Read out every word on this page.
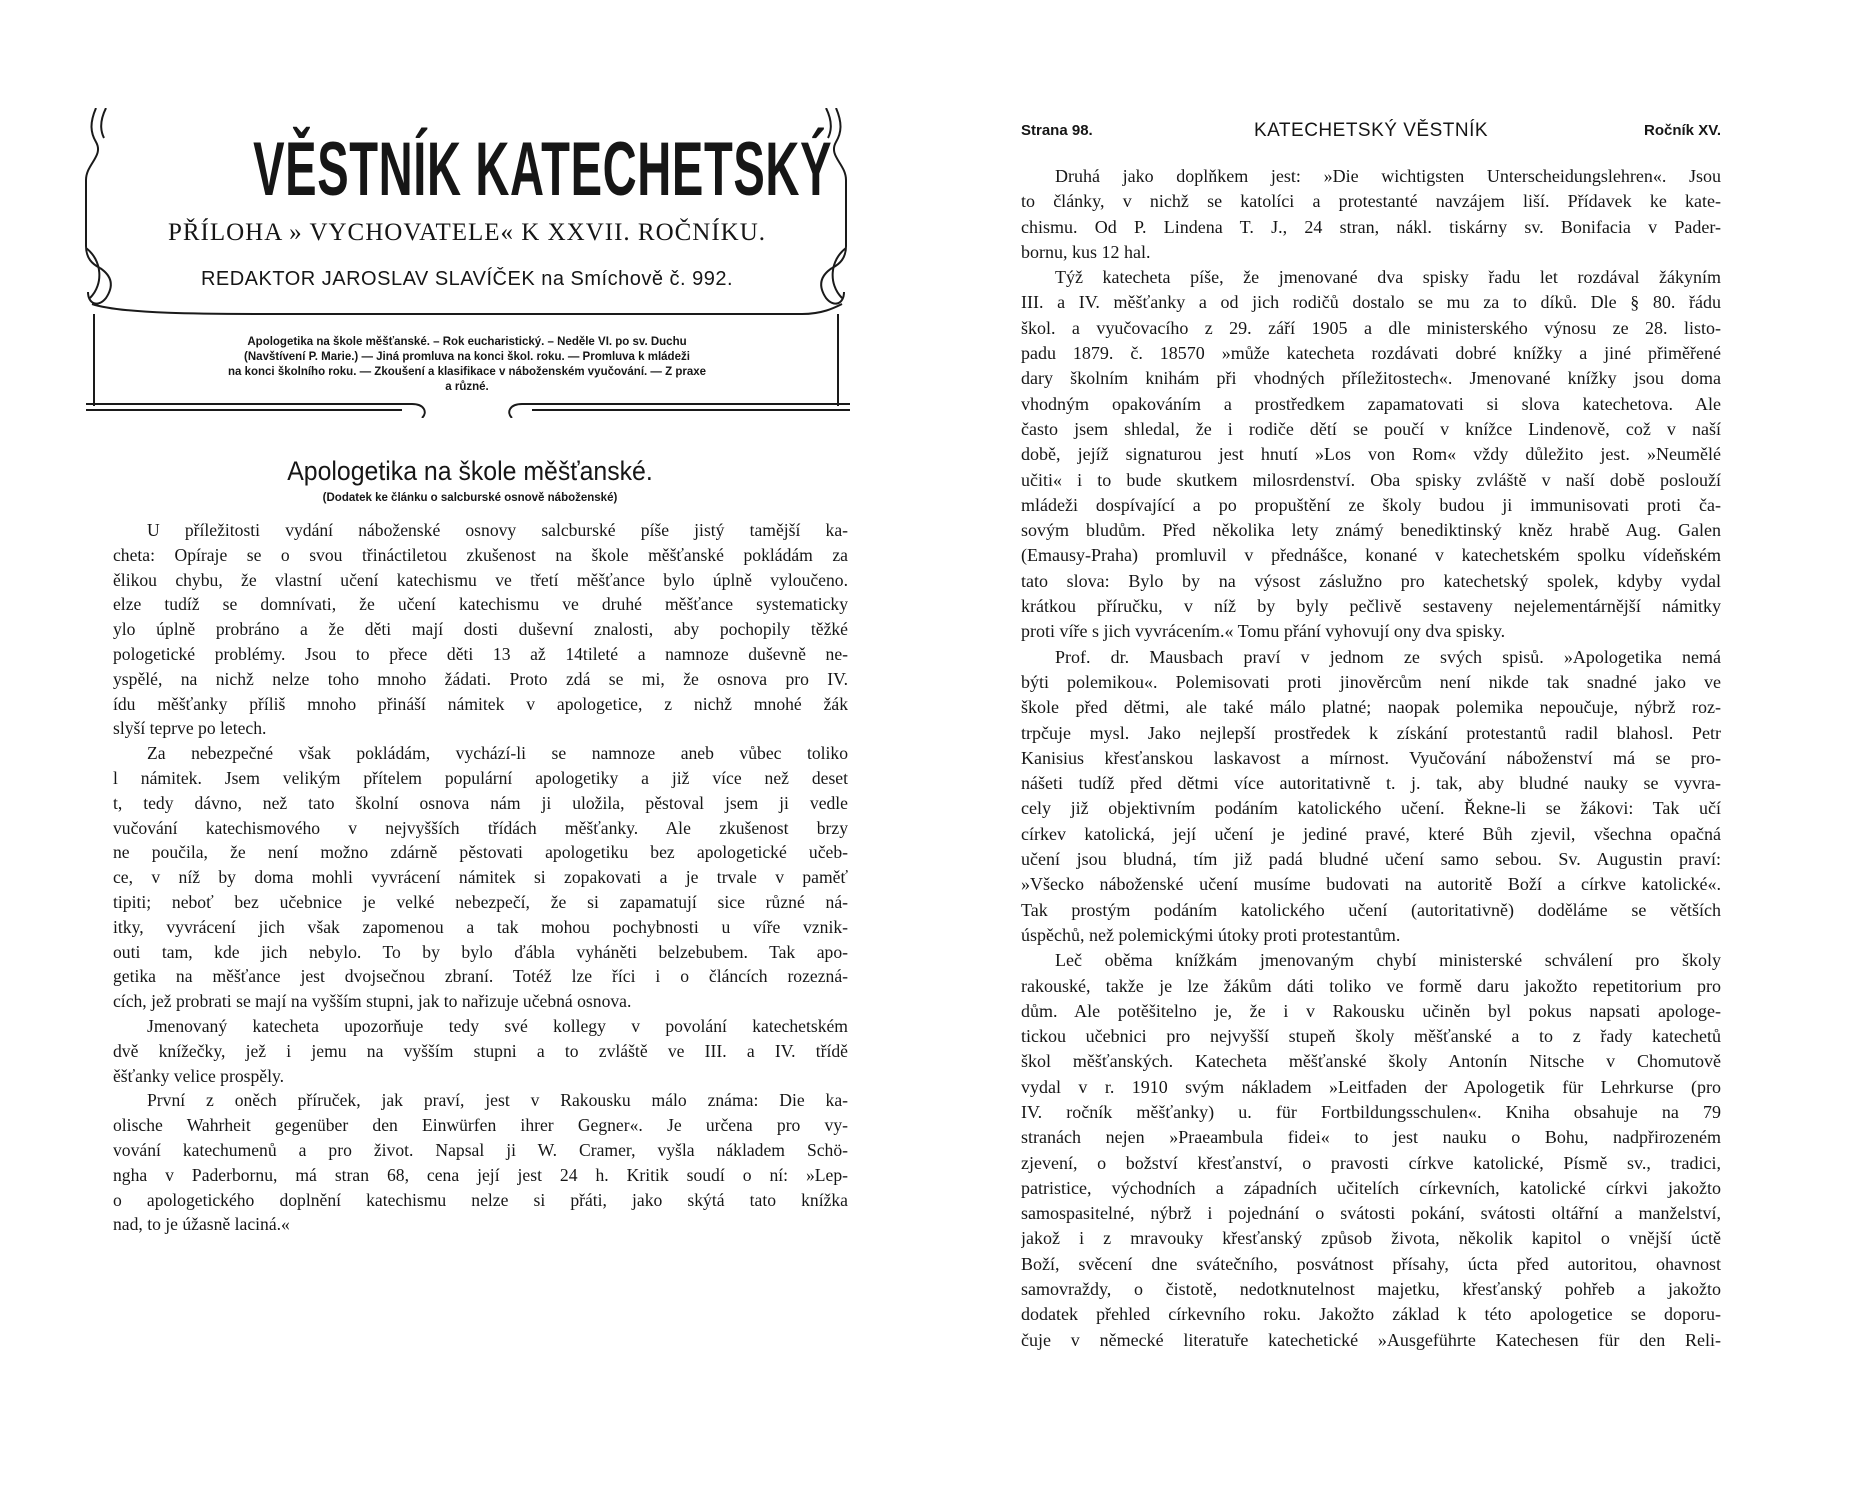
VĚSTNÍK KATECHETSKÝ
PŘÍLOHA » VYCHOVATELE« K XXVII. ROČNÍKU.
REDAKTOR JAROSLAV SLAVÍČEK na Smíchově č. 992.
Apologetika na škole měšťanské. – Rok eucharistický. – Neděle VI. po sv. Duchu
(Navštívení P. Marie.) — Jiná promluva na konci škol. roku. — Promluva k mládeži
na konci školního roku. — Zkoušení a klasifikace v náboženském vyučování. — Z praxe
a různé.
Apologetika na škole měšťanské.
(Dodatek ke článku o salcburské osnově náboženské)
U příležitosti vydání náboženské osnovy salcburské píše jistý tamější ka-
cheta: Opíraje se o svou třináctiletou zkušenost na škole měšťanské pokládám za
ělikou chybu, že vlastní učení katechismu ve třetí měšťance bylo úplně vyloučeno.
elze tudíž se domnívati, že učení katechismu ve druhé měšťance systematicky
ylo úplně probráno a že děti mají dosti duševní znalosti, aby pochopily těžké
pologetické problémy. Jsou to přece děti 13 až 14tileté a namnoze duševně ne-
yspělé, na nichž nelze toho mnoho žádati. Proto zdá se mi, že osnova pro IV.
ídu měšťanky příliš mnoho přináší námitek v apologetice, z nichž mnohé žák
slyší teprve po letech.
Za nebezpečné však pokládám, vychází-li se namnoze aneb vůbec toliko
l námitek. Jsem velikým přítelem populární apologetiky a již více než deset
t, tedy dávno, než tato školní osnova nám ji uložila, pěstoval jsem ji vedle
vučování katechismového v nejvyšších třídách měšťanky. Ale zkušenost brzy
ne poučila, že není možno zdárně pěstovati apologetiku bez apologetické učeb-
ce, v níž by doma mohli vyvrácení námitek si zopakovati a je trvale v paměť
tipiti; neboť bez učebnice je velké nebezpečí, že si zapamatují sice různé ná-
itky, vyvrácení jich však zapomenou a tak mohou pochybnosti u víře vznik-
outi tam, kde jich nebylo. To by bylo ďábla vyháněti belzebubem. Tak apo-
getika na měšťance jest dvojsečnou zbraní. Totéž lze říci i o článcích rozezná-
cích, jež probrati se mají na vyšším stupni, jak to nařizuje učebná osnova.
Jmenovaný katecheta upozorňuje tedy své kollegy v povolání katechetském
dvě knížečky, jež i jemu na vyšším stupni a to zvláště ve III. a IV. třídě
ěšťanky velice prospěly.
První z oněch příruček, jak praví, jest v Rakousku málo známa: Die ka-
olische Wahrheit gegenüber den Einwürfen ihrer Gegner«. Je určena pro vy-
vování katechumenů a pro život. Napsal ji W. Cramer, vyšla nákladem Schö-
ngha v Paderbornu, má stran 68, cena její jest 24 h. Kritik soudí o ní: »Lep-
o apologetického doplnění katechismu nelze si přáti, jako skýtá tato knížka
nad, to je úžasně laciná.«
Strana 98.	KATECHETSKÝ VĚSTNÍK	Ročník XV.
Druhá jako doplňkem jest: »Die wichtigsten Unterscheidungslehren«. Jsou
to články, v nichž se katolíci a protestanté navzájem liší. Přídavek ke kate-
chismu. Od P. Lindena T. J., 24 stran, nákl. tiskárny sv. Bonifacia v Pader-
bornu, kus 12 hal.
Týž katecheta píše, že jmenované dva spisky řadu let rozdával žákyním
III. a IV. měšťanky a od jich rodičů dostalo se mu za to díků. Dle § 80. řádu
škol. a vyučovacího z 29. září 1905 a dle ministerského výnosu ze 28. listo-
padu 1879. č. 18570 »může katecheta rozdávati dobré knížky a jiné přiměřené
dary školním knihám při vhodných příležitostech«. Jmenované knížky jsou doma
vhodným opakováním a prostředkem zapamatovati si slova katechetova. Ale
často jsem shledal, že i rodiče dětí se poučí v knížce Lindenově, což v naší
době, jejíž signaturou jest hnutí »Los von Rom« vždy důležito jest. »Neumělé
učiti« i to bude skutkem milosrdenství. Oba spisky zvláště v naší době poslouží
mládeži dospívající a po propuštění ze školy budou ji immunisovati proti ča-
sovým bludům. Před několika lety známý benediktinský kněz hrabě Aug. Galen
(Emausy-Praha) promluvil v přednášce, konané v katechetském spolku vídeňském
tato slova: Bylo by na výsost záslužno pro katechetský spolek, kdyby vydal
krátkou příručku, v níž by byly pečlivě sestaveny nejelementárnější námitky
proti víře s jich vyvrácením.« Tomu přání vyhovují ony dva spisky.
Prof. dr. Mausbach praví v jednom ze svých spisů. »Apologetika nemá
býti polemikou«. Polemisovati proti jinověrcům není nikde tak snadné jako ve
škole před dětmi, ale také málo platné; naopak polemika nepoučuje, nýbrž roz-
trpčuje mysl. Jako nejlepší prostředek k získání protestantů radil blahosl. Petr
Kanisius křesťanskou laskavost a mírnost. Vyučování náboženství má se pro-
nášeti tudíž před dětmi více autoritativně t. j. tak, aby bludné nauky se vyvra-
cely již objektivním podáním katolického učení. Řekne-li se žákovi: Tak učí
církev katolická, její učení je jediné pravé, které Bůh zjevil, všechna opačná
učení jsou bludná, tím již padá bludné učení samo sebou. Sv. Augustin praví:
»Všecko náboženské učení musíme budovati na autoritě Boží a církve katolické«.
Tak prostým podáním katolického učení (autoritativně) doděláme se větších
úspěchů, než polemickými útoky proti protestantům.
Leč oběma knížkám jmenovaným chybí ministerské schválení pro školy
rakouské, takže je lze žákům dáti toliko ve formě daru jakožto repetitorium pro
dům. Ale potěšitelno je, že i v Rakousku učiněn byl pokus napsati apologe-
tickou učebnici pro nejvyšší stupeň školy měšťanské a to z řady katechetů
škol měšťanských. Katecheta měšťanské školy Antonín Nitsche v Chomutově
vydal v r. 1910 svým nákladem »Leitfaden der Apologetik für Lehrkurse (pro
IV. ročník měšťanky) u. für Fortbildungsschulen«. Kniha obsahuje na 79
stranách nejen »Praeambula fidei« to jest nauku o Bohu, nadpřirozeném
zjevení, o božství křesťanství, o pravosti církve katolické, Písmě sv., tradici,
patristice, východních a západních učitelích církevních, katolické církvi jakožto
samospasitelné, nýbrž i pojednání o svátosti pokání, svátosti oltářní a manželství,
jakož i z mravouky křesťanský způsob života, několik kapitol o vnější úctě
Boží, svěcení dne svátečního, posvátnost přísahy, úcta před autoritou, ohavnost
samovraždy, o čistotě, nedotknutelnost majetku, křesťanský pohřeb a jakožto
dodatek přehled církevního roku. Jakožto základ k této apologetice se doporu-
čuje v německé literatuře katechetické »Ausgeführte Katechesen für den Reli-
